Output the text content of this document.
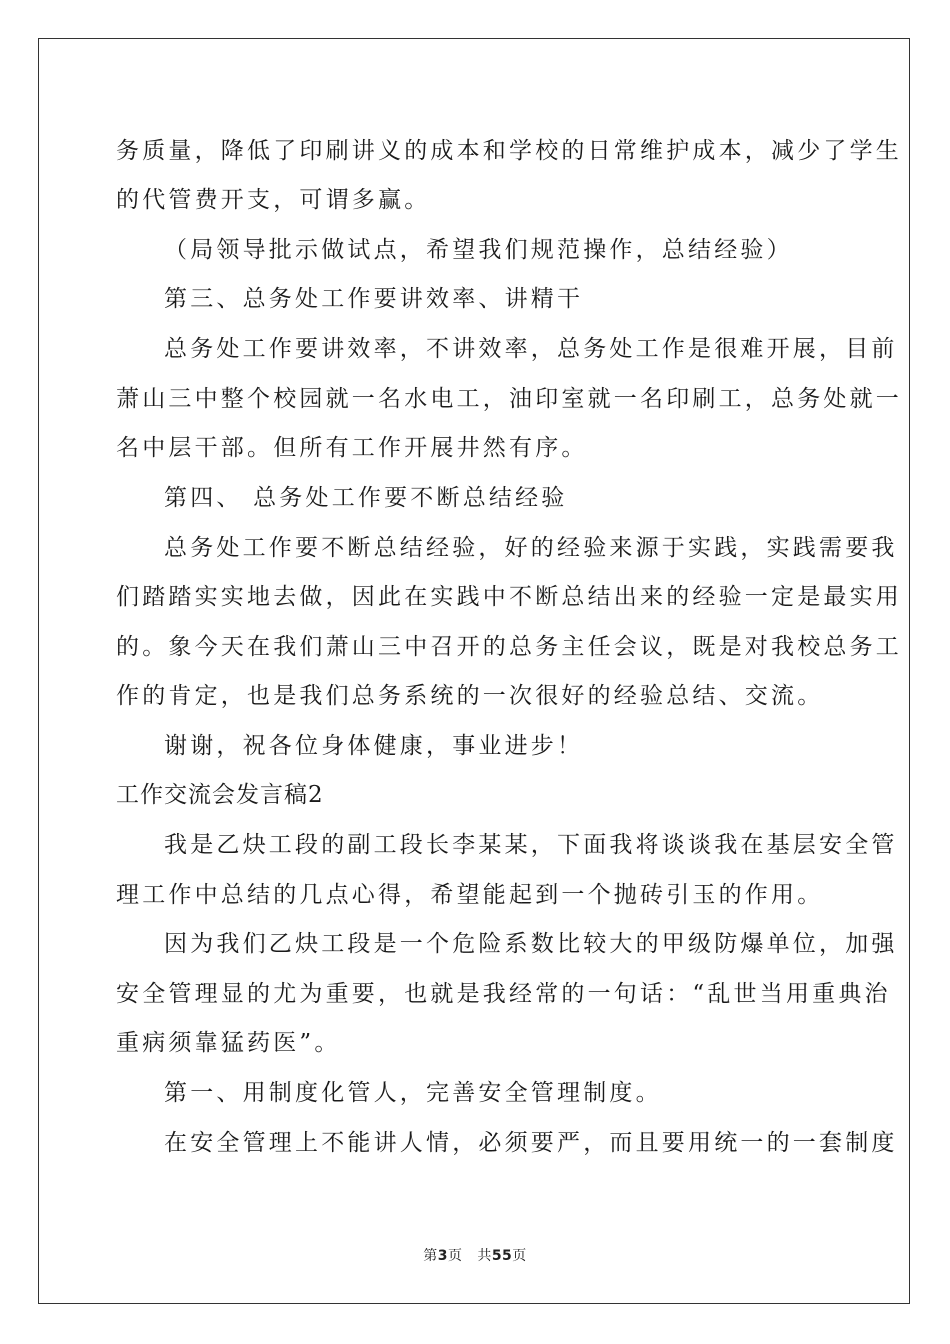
务质量，降低了印刷讲义的成本和学校的日常维护成本，减少了学生
的代管费开支，可谓多赢。
（局领导批示做试点，希望我们规范操作，总结经验）
第三、总务处工作要讲效率、讲精干
总务处工作要讲效率，不讲效率，总务处工作是很难开展，目前
萧山三中整个校园就一名水电工，油印室就一名印刷工，总务处就一
名中层干部。但所有工作开展井然有序。
第四、 总务处工作要不断总结经验
总务处工作要不断总结经验，好的经验来源于实践，实践需要我
们踏踏实实地去做，因此在实践中不断总结出来的经验一定是最实用
的。象今天在我们萧山三中召开的总务主任会议，既是对我校总务工
作的肯定，也是我们总务系统的一次很好的经验总结、交流。
谢谢，祝各位身体健康，事业进步！
工作交流会发言稿2
我是乙炔工段的副工段长李某某，下面我将谈谈我在基层安全管
理工作中总结的几点心得，希望能起到一个抛砖引玉的作用。
因为我们乙炔工段是一个危险系数比较大的甲级防爆单位，加强
安全管理显的尤为重要，也就是我经常的一句话：“乱世当用重典治
重病须靠猛药医”。
第一、用制度化管人，完善安全管理制度。
在安全管理上不能讲人情，必须要严，而且要用统一的一套制度
第3页 共55页
